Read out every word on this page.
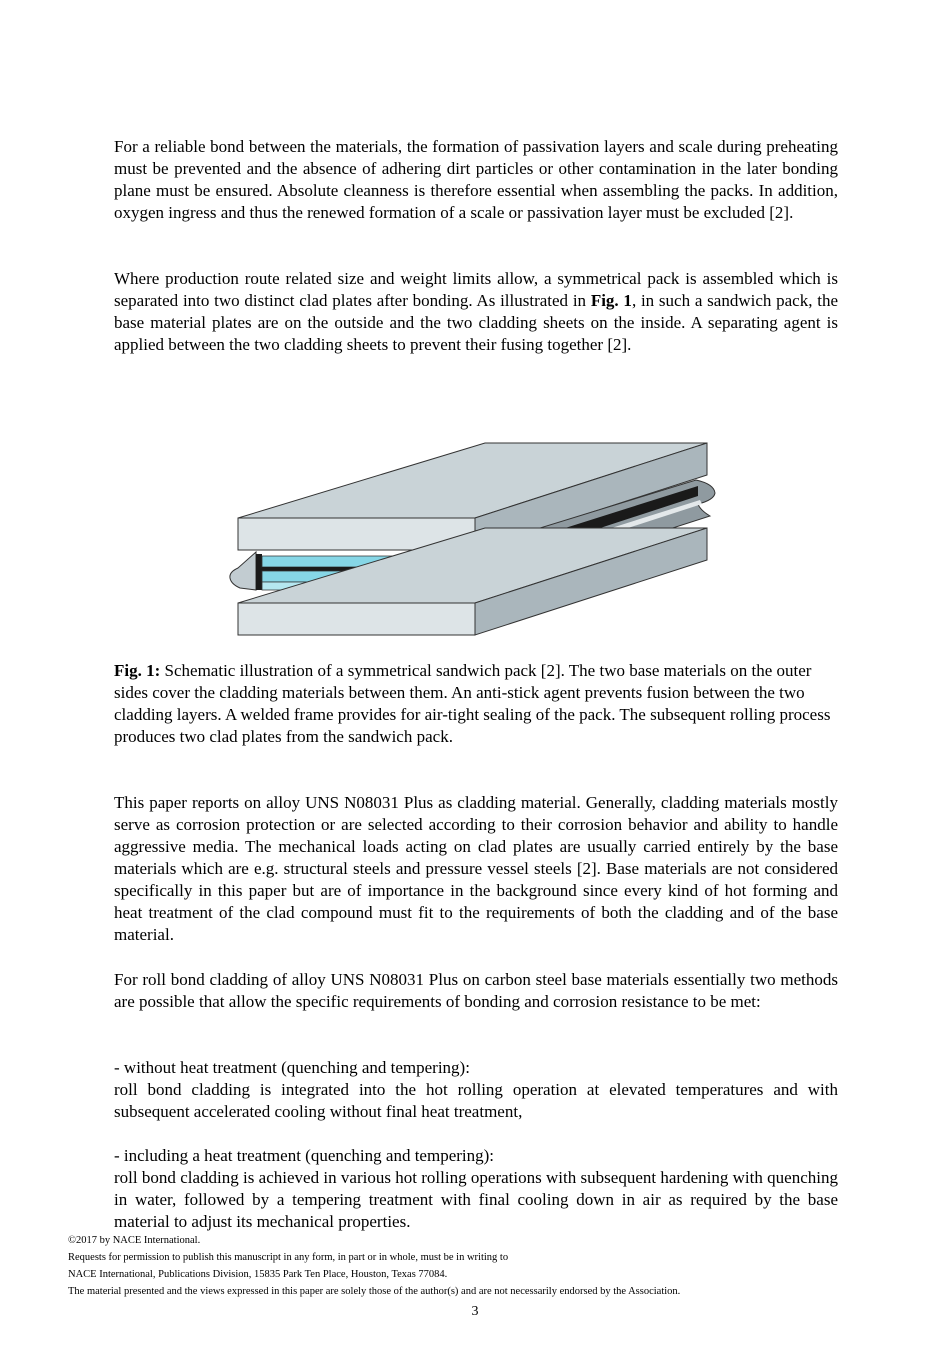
For a reliable bond between the materials, the formation of passivation layers and scale during preheating must be prevented and the absence of adhering dirt particles or other contamination in the later bonding plane must be ensured. Absolute cleanness is therefore essential when assembling the packs. In addition, oxygen ingress and thus the renewed formation of a scale or passivation layer must be excluded [2].

Where production route related size and weight limits allow, a symmetrical pack is assembled which is separated into two distinct clad plates after bonding. As illustrated in Fig. 1, in such a sandwich pack, the base material plates are on the outside and the two cladding sheets on the inside. A separating agent is applied between the two cladding sheets to prevent their fusing together [2].

Fig. 1: Schematic illustration of a symmetrical sandwich pack [2]. The two base materials on the outer sides cover the cladding materials between them. An anti-stick agent prevents fusion between the two cladding layers. A welded frame provides for air-tight sealing of the pack. The subsequent rolling process produces two clad plates from the sandwich pack.

This paper reports on alloy UNS N08031 Plus as cladding material. Generally, cladding materials mostly serve as corrosion protection or are selected according to their corrosion behavior and ability to handle aggressive media. The mechanical loads acting on clad plates are usually carried entirely by the base materials which are e.g. structural steels and pressure vessel steels [2]. Base materials are not considered specifically in this paper but are of importance in the background since every kind of hot forming and heat treatment of the clad compound must fit to the requirements of both the cladding and of the base material.

For roll bond cladding of alloy UNS N08031 Plus on carbon steel base materials essentially two methods are possible that allow the specific requirements of bonding and corrosion resistance to be met:

- without heat treatment (quenching and tempering):

roll bond cladding is integrated into the hot rolling operation at elevated temperatures and with subsequent accelerated cooling without final heat treatment,

- including a heat treatment (quenching and tempering):

roll bond cladding is achieved in various hot rolling operations with subsequent hardening with quenching in water, followed by a tempering treatment with final cooling down in air as required by the base material to adjust its mechanical properties.

©2017 by NACE International.
Requests for permission to publish this manuscript in any form, in part or in whole, must be in writing to
NACE International, Publications Division, 15835 Park Ten Place, Houston, Texas 77084.
The material presented and the views expressed in this paper are solely those of the author(s) and are not necessarily endorsed by the Association.
3
